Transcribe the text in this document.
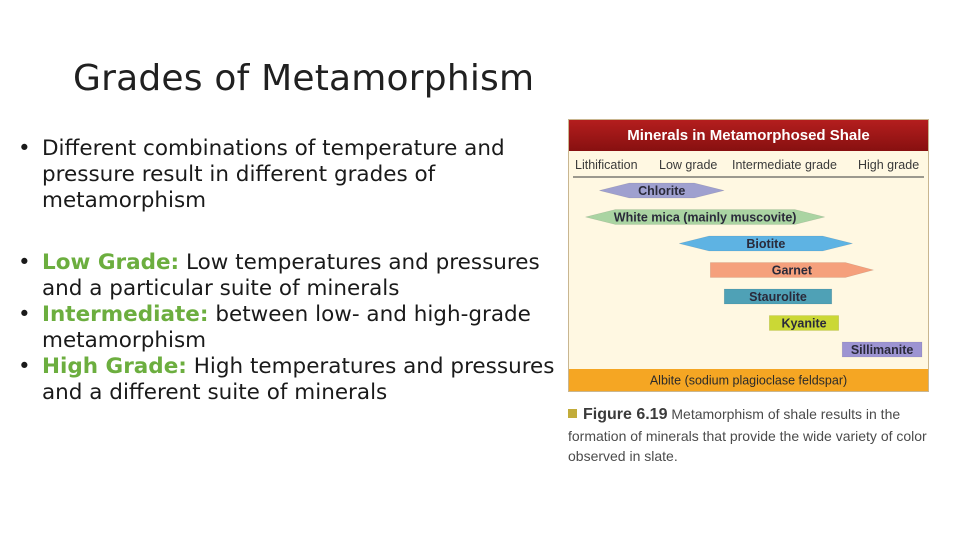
Grades of Metamorphism
• Different combinations of temperature and pressure result in different grades of metamorphism
• Low Grade: Low temperatures and pressures and a particular suite of minerals
• Intermediate: between low- and high-grade metamorphism
• High Grade: High temperatures and pressures and a different suite of minerals
Minerals in Metamorphosed Shale
Lithification Low grade Intermediate grade High grade
Chlorite
White mica (mainly muscovite)
Biotite
Garnet
Staurolite
Kyanite
Sillimanite
Albite (sodium plagioclase feldspar)
Figure 6.19 Metamorphism of shale results in the formation of minerals that provide the wide variety of color observed in slate.
